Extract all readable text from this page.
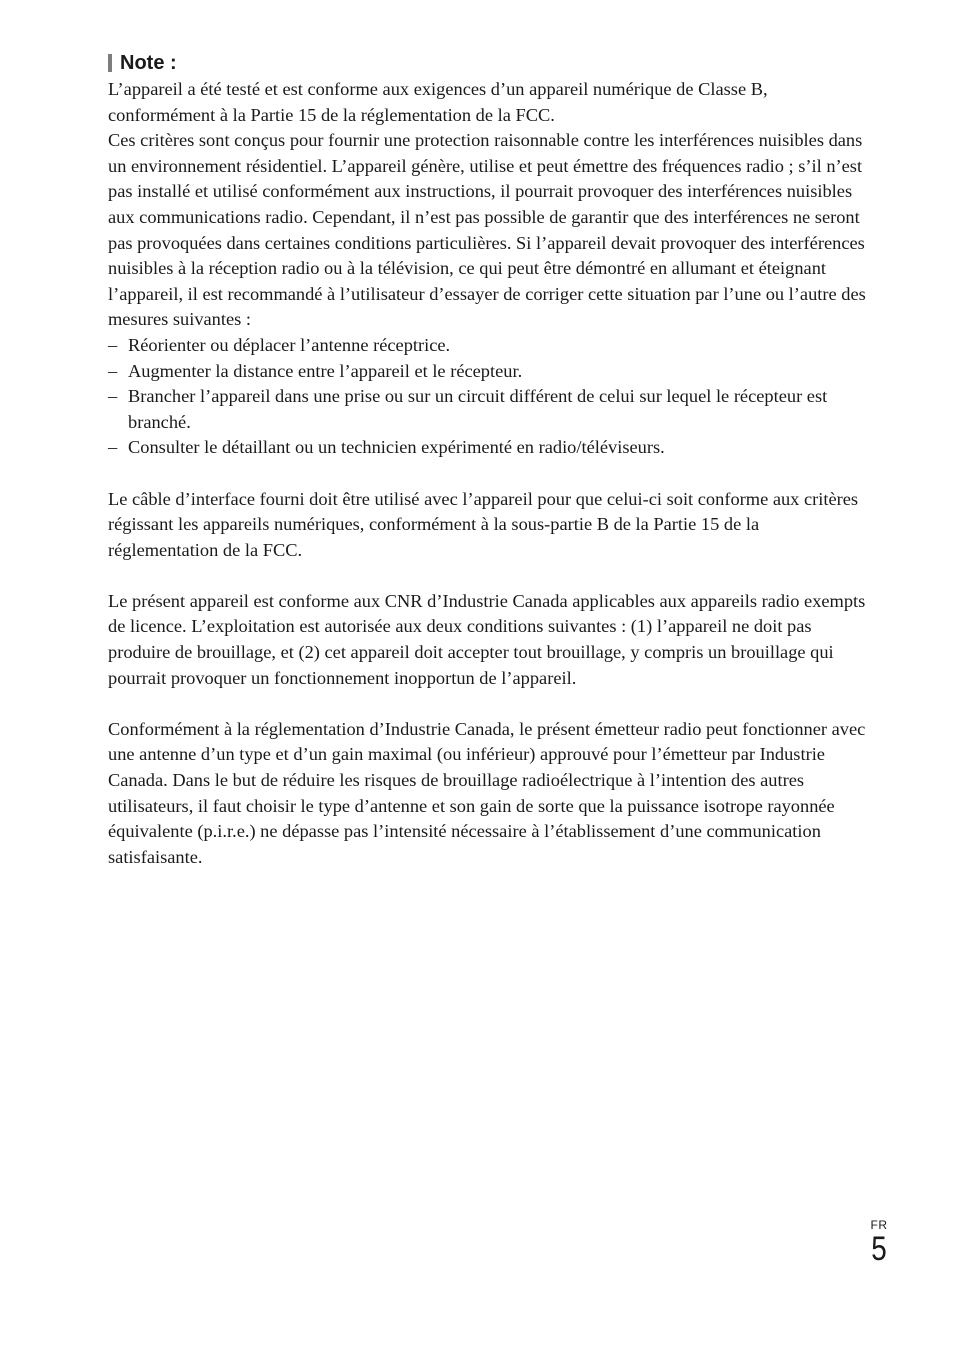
Note :

L’appareil a été testé et est conforme aux exigences d’un appareil numérique de Classe B, conformément à la Partie 15 de la réglementation de la FCC.

Ces critères sont conçus pour fournir une protection raisonnable contre les interférences nuisibles dans un environnement résidentiel. L’appareil génère, utilise et peut émettre des fréquences radio ; s’il n’est pas installé et utilisé conformément aux instructions, il pourrait provoquer des interférences nuisibles aux communications radio. Cependant, il n’est pas possible de garantir que des interférences ne seront pas provoquées dans certaines conditions particulières. Si l’appareil devait provoquer des interférences nuisibles à la réception radio ou à la télévision, ce qui peut être démontré en allumant et éteignant l’appareil, il est recommandé à l’utilisateur d’essayer de corriger cette situation par l’une ou l’autre des mesures suivantes :

– Réorienter ou déplacer l’antenne réceptrice.
– Augmenter la distance entre l’appareil et le récepteur.
– Brancher l’appareil dans une prise ou sur un circuit différent de celui sur lequel le récepteur est branché.
– Consulter le détaillant ou un technicien expérimenté en radio/téléviseurs.

Le câble d’interface fourni doit être utilisé avec l’appareil pour que celui-ci soit conforme aux critères régissant les appareils numériques, conformément à la sous-partie B de la Partie 15 de la réglementation de la FCC.

Le présent appareil est conforme aux CNR d’Industrie Canada applicables aux appareils radio exempts de licence. L’exploitation est autorisée aux deux conditions suivantes : (1) l’appareil ne doit pas produire de brouillage, et (2) cet appareil doit accepter tout brouillage, y compris un brouillage qui pourrait provoquer un fonctionnement inopportun de l’appareil.

Conformément à la réglementation d’Industrie Canada, le présent émetteur radio peut fonctionner avec une antenne d’un type et d’un gain maximal (ou inférieur) approuvé pour l’émetteur par Industrie Canada. Dans le but de réduire les risques de brouillage radioélectrique à l’intention des autres utilisateurs, il faut choisir le type d’antenne et son gain de sorte que la puissance isotrope rayonnée équivalente (p.i.r.e.) ne dépasse pas l’intensité nécessaire à l’établissement d’une communication satisfaisante.

FR
5
